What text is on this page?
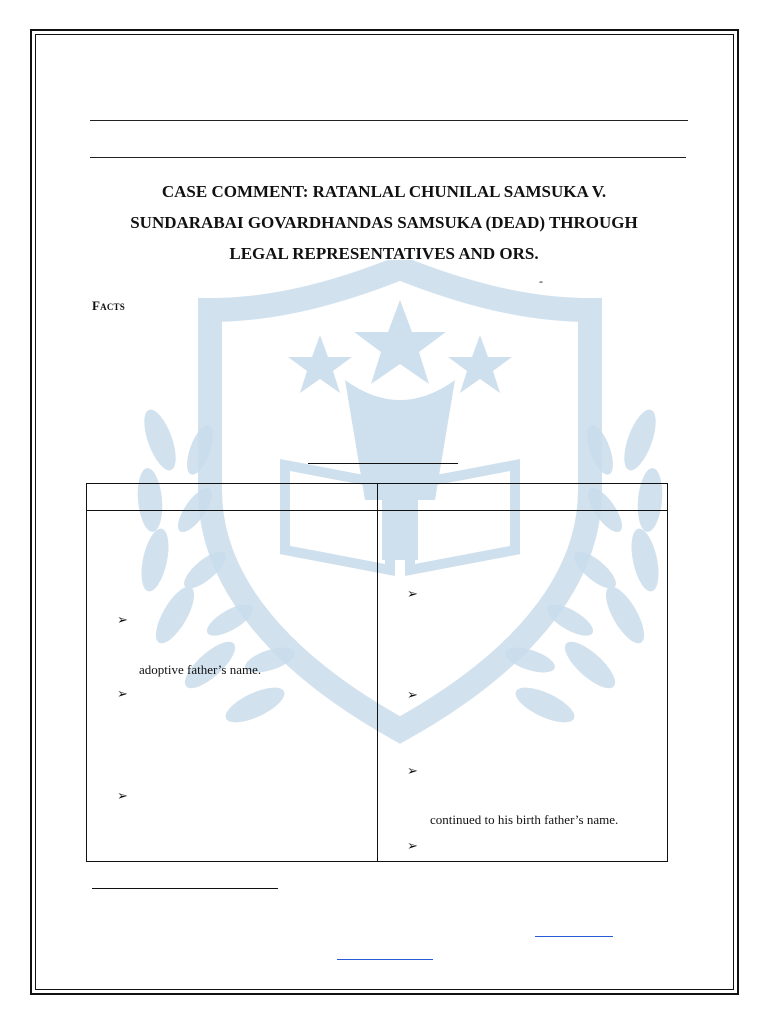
CASE COMMENT: RATANLAL CHUNILAL SAMSUKA V.
SUNDARABAI GOVARDHANDAS SAMSUKA (DEAD) THROUGH
LEGAL REPRESENTATIVES AND ORS.
-
Facts
➢
adoptive father’s name.
➢
➢
➢
➢
➢
continued to his birth father’s name.
➢
